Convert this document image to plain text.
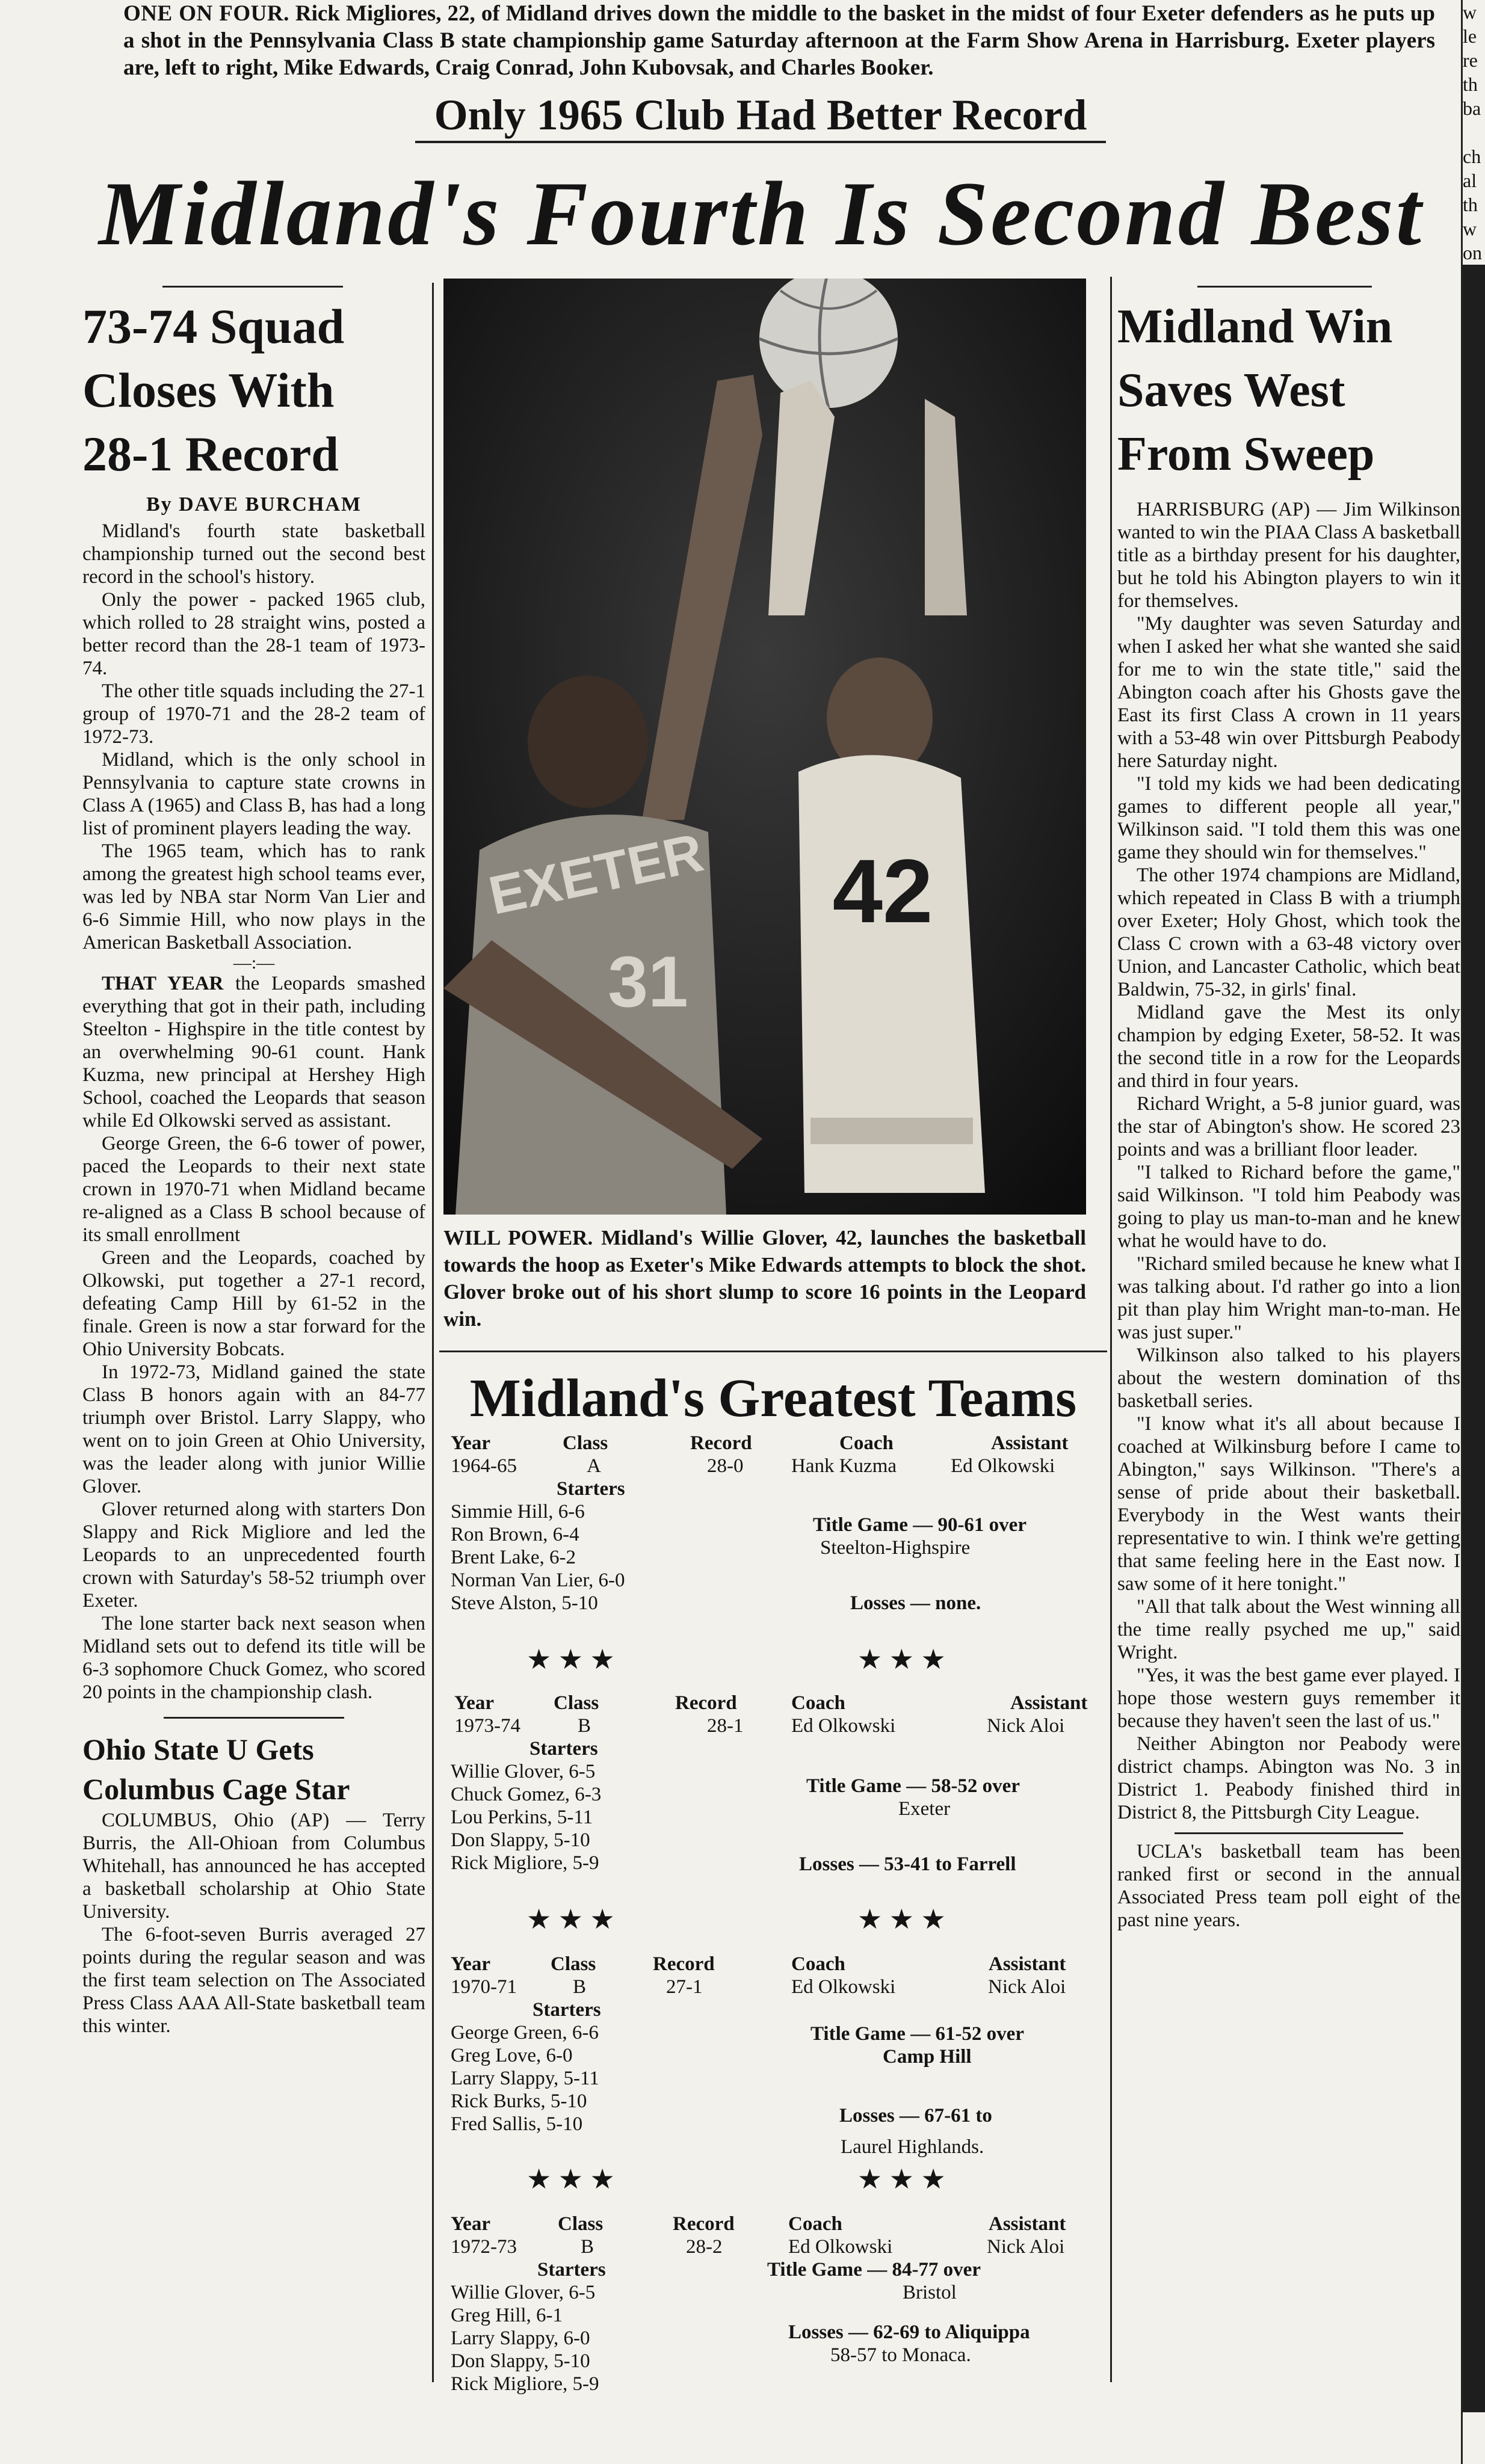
ONE ON FOUR. Rick Migliores, 22, of Midland drives down the middle to the basket in the midst of four Exeter defenders as he puts up a shot in the Pennsylvania Class B state championship game Saturday afternoon at the Farm Show Arena in Harrisburg. Exeter players are, left to right, Mike Edwards, Craig Conrad, John Kubovsak, and Charles Booker.
w
le
re
th
ba
ch
al
th
w
on
Only 1965 Club Had Better Record
Midland's Fourth Is Second Best
73-74 Squad
Closes With
28-1 Record
By DAVE BURCHAM

Midland's fourth state basketball championship turned out the second best record in the school's history.

Only the power - packed 1965 club, which rolled to 28 straight wins, posted a better record than the 28-1 team of 1973-74.

The other title squads including the 27-1 group of 1970-71 and the 28-2 team of 1972-73.

Midland, which is the only school in Pennsylvania to capture state crowns in Class A (1965) and Class B, has had a long list of prominent players leading the way.

The 1965 team, which has to rank among the greatest high school teams ever, was led by NBA star Norm Van Lier and 6-6 Simmie Hill, who now plays in the American Basketball Association.

—:—

THAT YEAR the Leopards smashed everything that got in their path, including Steelton - Highspire in the title contest by an overwhelming 90-61 count. Hank Kuzma, new principal at Hershey High School, coached the Leopards that season while Ed Olkowski served as assistant.

George Green, the 6-6 tower of power, paced the Leopards to their next state crown in 1970-71 when Midland became re-aligned as a Class B school because of its small enrollment

Green and the Leopards, coached by Olkowski, put together a 27-1 record, defeating Camp Hill by 61-52 in the finale. Green is now a star forward for the Ohio University Bobcats.

In 1972-73, Midland gained the state Class B honors again with an 84-77 triumph over Bristol. Larry Slappy, who went on to join Green at Ohio University, was the leader along with junior Willie Glover.

Glover returned along with starters Don Slappy and Rick Migliore and led the Leopards to an unprecedented fourth crown with Saturday's 58-52 triumph over Exeter.

The lone starter back next season when Midland sets out to defend its title will be 6-3 sophomore Chuck Gomez, who scored 20 points in the championship clash.

Ohio State U Gets
Columbus Cage Star

COLUMBUS, Ohio (AP) — Terry Burris, the All-Ohioan from Columbus Whitehall, has announced he has accepted a basketball scholarship at Ohio State University.

The 6-foot-seven Burris averaged 27 points during the regular season and was the first team selection on The Associated Press Class AAA All-State basketball team this winter.

42
EXETER
31
WILL POWER. Midland's Willie Glover, 42, launches the basketball towards the hoop as Exeter's Mike Edwards attempts to block the shot. Glover broke out of his short slump to score 16 points in the Leopard win.
Midland's Greatest Teams
Year	Class	Record	Coach	Assistant
1964-65	A	28-0 Hank Kuzma	Ed Olkowski
Starters
Simmie Hill, 6-6
Ron Brown, 6-4
Brent Lake, 6-2
Norman Van Lier, 6-0
Steve Alston, 5-10
Title Game — 90-61 over
Steelton-Highspire
Losses — none.
★ ★ ★	★ ★ ★
Year	Class	Record	Coach	Assistant
1973-74	B	28-1 Ed Olkowski	Nick Aloi
Starters
Willie Glover, 6-5
Chuck Gomez, 6-3
Lou Perkins, 5-11
Don Slappy, 5-10
Rick Migliore, 5-9
Title Game — 58-52 over
Exeter
Losses — 53-41 to Farrell
★ ★ ★	★ ★ ★
Year	Class	Record	Coach	Assistant
1970-71	B	27-1	Ed Olkowski	Nick Aloi
Starters
George Green, 6-6
Greg Love, 6-0
Larry Slappy, 5-11
Rick Burks, 5-10
Fred Sallis, 5-10
Title Game — 61-52 over
Camp Hill
Losses — 67-61 to
Laurel Highlands.
★ ★ ★	★ ★ ★
Year	Class	Record	Coach	Assistant
1972-73	B	28-2	Ed Olkowski	Nick Aloi
Starters
Willie Glover, 6-5
Greg Hill, 6-1
Larry Slappy, 6-0
Don Slappy, 5-10
Rick Migliore, 5-9
Title Game — 84-77 over
Bristol
Losses — 62-69 to Aliquippa
58-57 to Monaca.
Midland Win
Saves West
From Sweep

HARRISBURG (AP) — Jim Wilkinson wanted to win the PIAA Class A basketball title as a birthday present for his daughter, but he told his Abington players to win it for themselves.

"My daughter was seven Saturday and when I asked her what she wanted she said for me to win the state title," said the Abington coach after his Ghosts gave the East its first Class A crown in 11 years with a 53-48 win over Pittsburgh Peabody here Saturday night.

"I told my kids we had been dedicating games to different people all year," Wilkinson said. "I told them this was one game they should win for themselves."

The other 1974 champions are Midland, which repeated in Class B with a triumph over Exeter; Holy Ghost, which took the Class C crown with a 63-48 victory over Union, and Lancaster Catholic, which beat Baldwin, 75-32, in girls' final.

Midland gave the Mest its only champion by edging Exeter, 58-52. It was the second title in a row for the Leopards and third in four years.

Richard Wright, a 5-8 junior guard, was the star of Abington's show. He scored 23 points and was a brilliant floor leader.

"I talked to Richard before the game," said Wilkinson. "I told him Peabody was going to play us man-to-man and he knew what he would have to do.

"Richard smiled because he knew what I was talking about. I'd rather go into a lion pit than play him Wright man-to-man. He was just super."

Wilkinson also talked to his players about the western domination of ths basketball series.

"I know what it's all about because I coached at Wilkinsburg before I came to Abington," says Wilkinson. "There's a sense of pride about their basketball. Everybody in the West wants their representative to win. I think we're getting that same feeling here in the East now. I saw some of it here tonight."

"All that talk about the West winning all the time really psyched me up," said Wright.

"Yes, it was the best game ever played. I hope those western guys remember it because they haven't seen the last of us."

Neither Abington nor Peabody were district champs. Abington was No. 3 in District 1. Peabody finished third in District 8, the Pittsburgh City League.

UCLA's basketball team has been ranked first or second in the annual Associated Press team poll eight of the past nine years.
